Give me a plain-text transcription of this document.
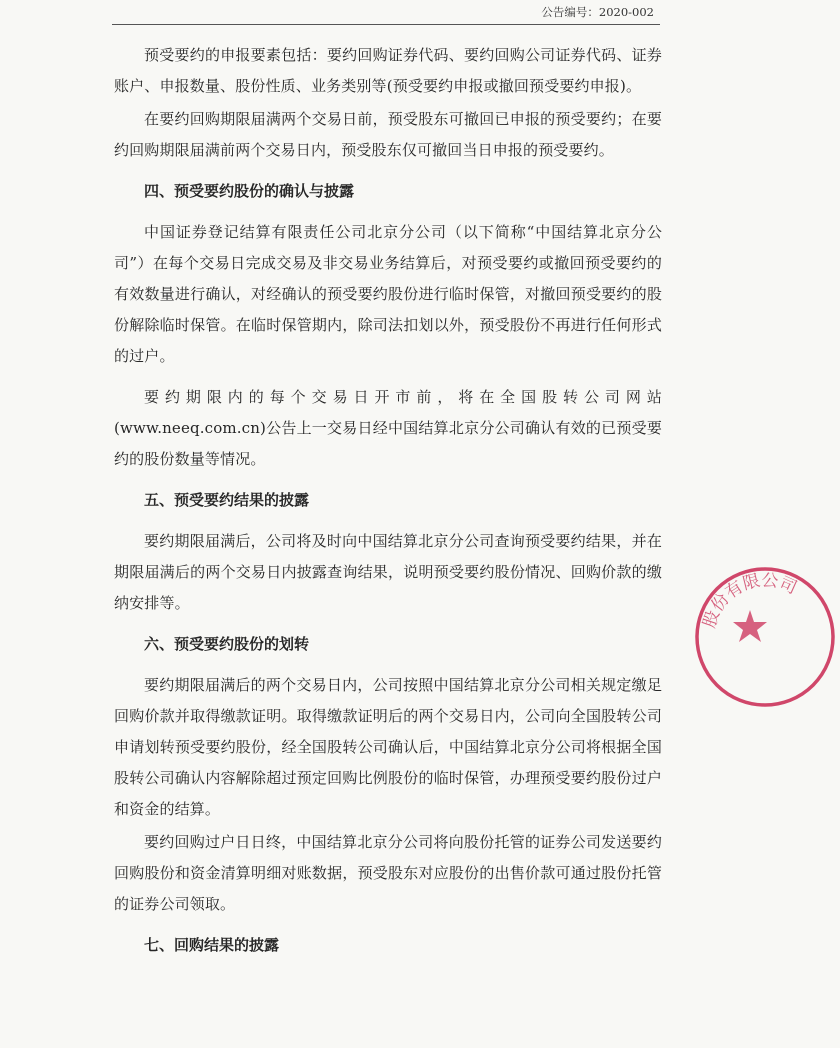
公告编号：2020-002

预受要约的申报要素包括：要约回购证券代码、要约回购公司证券代码、证券账户、申报数量、股份性质、业务类别等(预受要约申报或撤回预受要约申报)。

在要约回购期限届满两个交易日前，预受股东可撤回已申报的预受要约；在要约回购期限届满前两个交易日内，预受股东仅可撤回当日申报的预受要约。

四、预受要约股份的确认与披露

中国证券登记结算有限责任公司北京分公司（以下简称“中国结算北京分公司”）在每个交易日完成交易及非交易业务结算后，对预受要约或撤回预受要约的有效数量进行确认，对经确认的预受要约股份进行临时保管，对撤回预受要约的股份解除临时保管。在临时保管期内，除司法扣划以外，预受股份不再进行任何形式的过户。

要约期限内的每个交易日开市前，将在全国股转公司网站(www.neeq.com.cn)公告上一交易日经中国结算北京分公司确认有效的已预受要约的股份数量等情况。

五、预受要约结果的披露

要约期限届满后，公司将及时向中国结算北京分公司查询预受要约结果，并在期限届满后的两个交易日内披露查询结果，说明预受要约股份情况、回购价款的缴纳安排等。

六、预受要约股份的划转

要约期限届满后的两个交易日内，公司按照中国结算北京分公司相关规定缴足回购价款并取得缴款证明。取得缴款证明后的两个交易日内，公司向全国股转公司申请划转预受要约股份，经全国股转公司确认后，中国结算北京分公司将根据全国股转公司确认内容解除超过预定回购比例股份的临时保管，办理预受要约股份过户和资金的结算。

要约回购过户日日终，中国结算北京分公司将向股份托管的证券公司发送要约回购股份和资金清算明细对账数据，预受股东对应股份的出售价款可通过股份托管的证券公司领取。

七、回购结果的披露

股份有限公司
